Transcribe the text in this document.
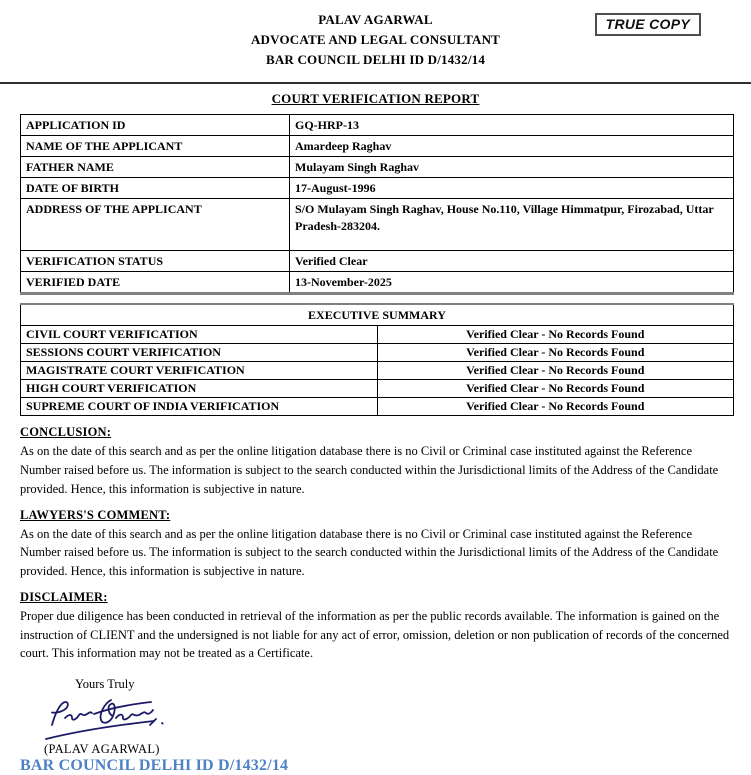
PALAV AGARWAL
ADVOCATE AND LEGAL CONSULTANT
BAR COUNCIL DELHI ID D/1432/14
TRUE COPY
COURT VERIFICATION REPORT
APPLICATION ID	GQ-HRP-13
NAME OF THE APPLICANT	Amardeep Raghav
FATHER NAME	Mulayam Singh Raghav
DATE OF BIRTH	17-August-1996
ADDRESS OF THE APPLICANT	S/O Mulayam Singh Raghav, House No.110, Village Himmatpur, Firozabad, Uttar Pradesh-283204.
VERIFICATION STATUS	Verified Clear
VERIFIED DATE	13-November-2025
EXECUTIVE SUMMARY	
CIVIL COURT VERIFICATION	Verified Clear - No Records Found
SESSIONS COURT VERIFICATION	Verified Clear - No Records Found
MAGISTRATE COURT VERIFICATION	Verified Clear - No Records Found
HIGH COURT VERIFICATION	Verified Clear - No Records Found
SUPREME COURT OF INDIA VERIFICATION	Verified Clear - No Records Found
CONCLUSION:

As on the date of this search and as per the online litigation database there is no Civil or Criminal case instituted against the Reference Number raised before us. The information is subject to the search conducted within the Jurisdictional limits of the Address of the Candidate provided. Hence, this information is subjective in nature.

LAWYERS'S COMMENT:

As on the date of this search and as per the online litigation database there is no Civil or Criminal case instituted against the Reference Number raised before us. The information is subject to the search conducted within the Jurisdictional limits of the Address of the Candidate provided. Hence, this information is subjective in nature.

DISCLAIMER:

Proper due diligence has been conducted in retrieval of the information as per the public records available. The information is gained on the instruction of CLIENT and the undersigned is not liable for any act of error, omission, deletion or non publication of records of the concerned court. This information may not be treated as a Certificate.

Yours Truly
(PALAV AGARWAL)
BAR COUNCIL DELHI ID D/1432/14
